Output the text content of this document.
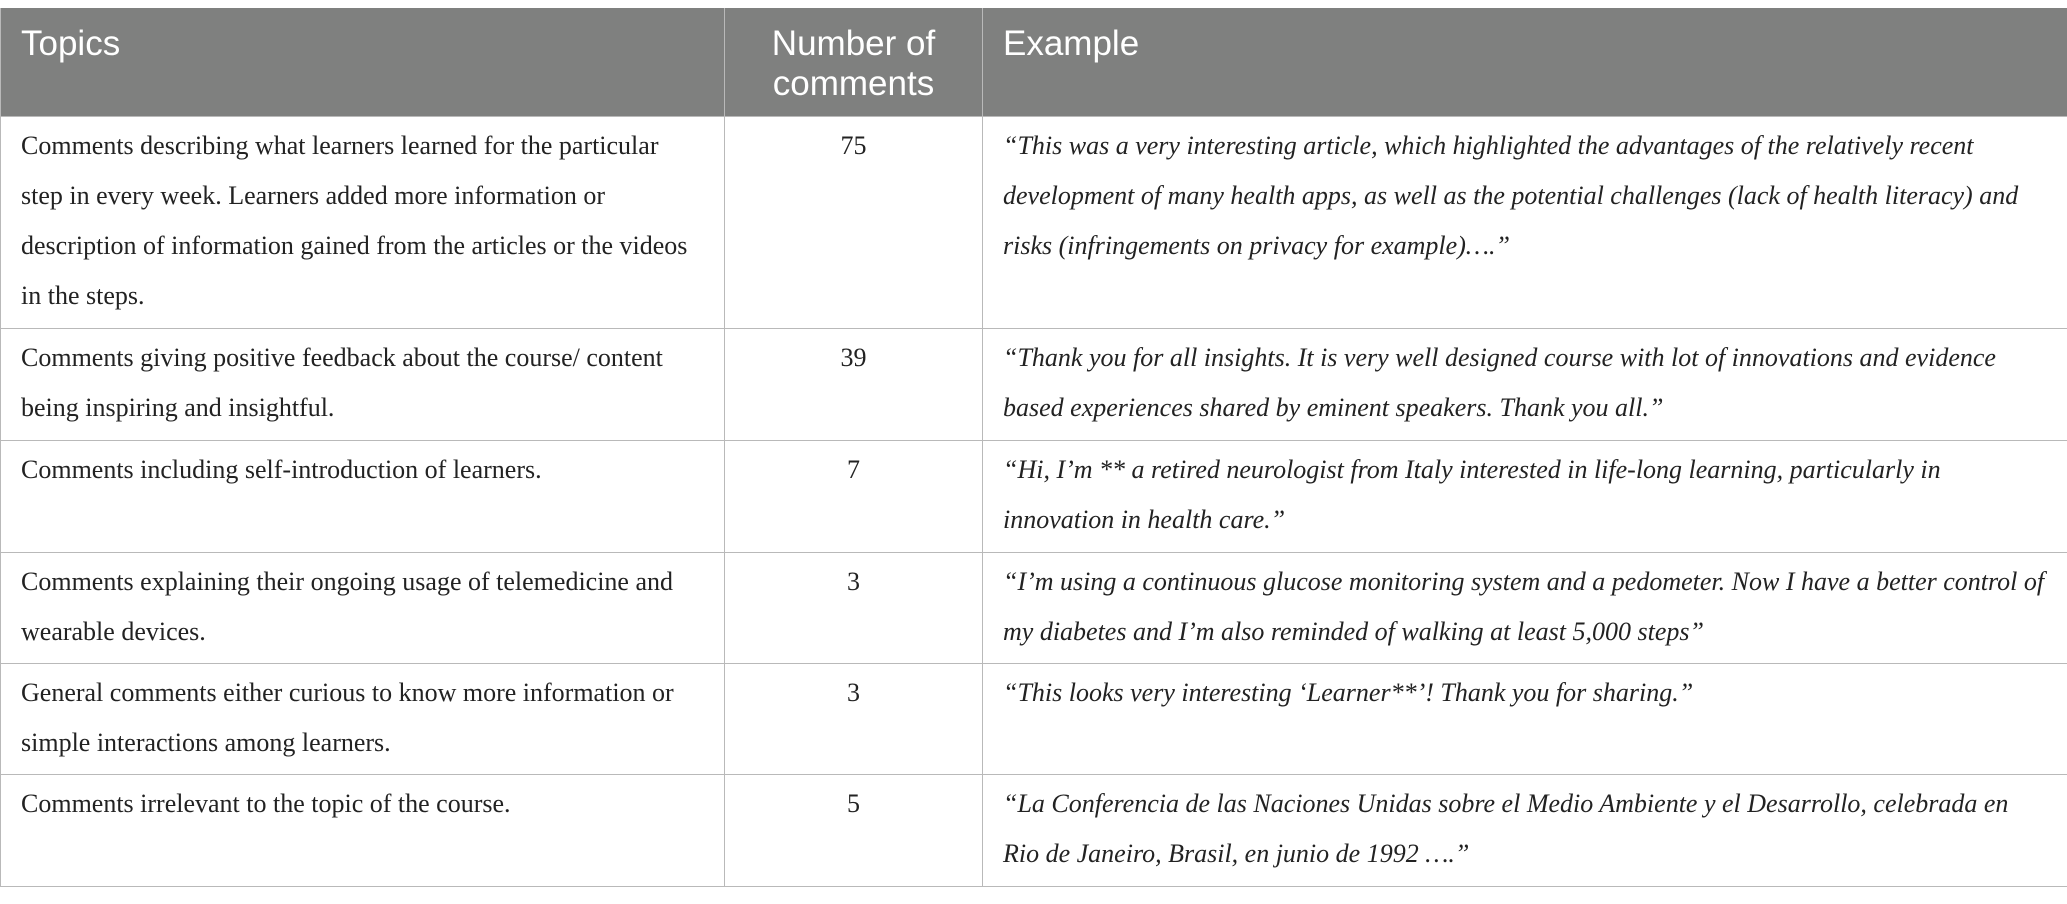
Topics	Number of comments	Example
Comments describing what learners learned for the particular step in every week. Learners added more information or description of information gained from the articles or the videos in the steps.	75	“This was a very interesting article, which highlighted the advantages of the relatively recent development of many health apps, as well as the potential challenges (lack of health literacy) and risks (infringements on privacy for example)….”
Comments giving positive feedback about the course/ content being inspiring and insightful.	39	“Thank you for all insights. It is very well designed course with lot of innovations and evidence based experiences shared by eminent speakers. Thank you all.”
Comments including self-introduction of learners.	7	“Hi, I’m ** a retired neurologist from Italy interested in life-long learning, particularly in innovation in health care.”
Comments explaining their ongoing usage of telemedicine and wearable devices.	3	“I’m using a continuous glucose monitoring system and a pedometer. Now I have a better control of my diabetes and I’m also reminded of walking at least 5,000 steps”
General comments either curious to know more information or simple interactions among learners.	3	“This looks very interesting ‘Learner**’! Thank you for sharing.”
Comments irrelevant to the topic of the course.	5	“La Conferencia de las Naciones Unidas sobre el Medio Ambiente y el Desarrollo, celebrada en Rio de Janeiro, Brasil, en junio de 1992 ….”
